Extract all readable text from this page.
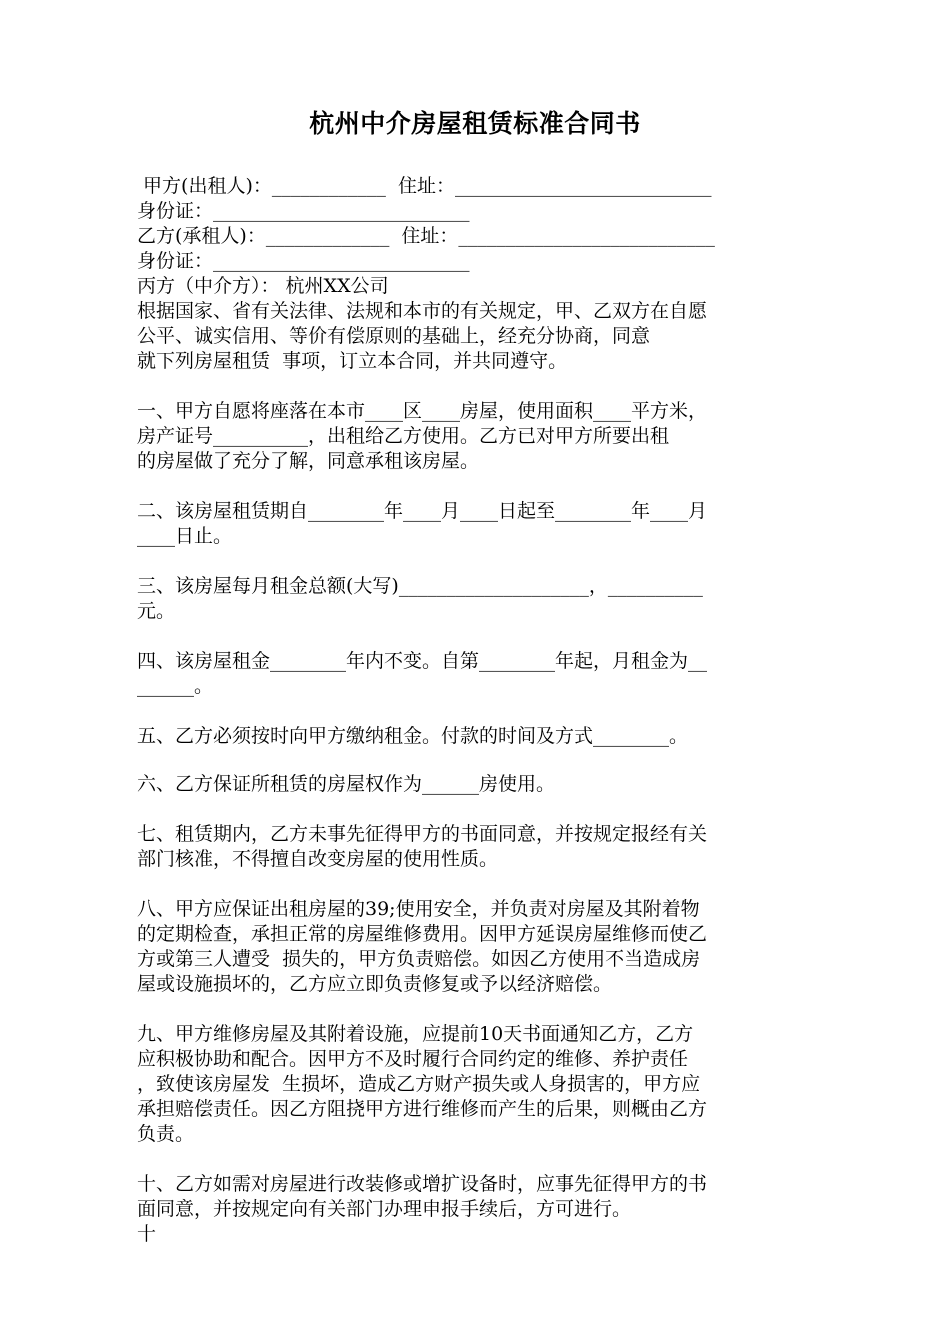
杭州中介房屋租赁标准合同书
甲方(出租人)：____________  住址：___________________________
身份证：___________________________
乙方(承租人)：_____________  住址：___________________________
身份证：___________________________
丙方（中介方）： 杭州XX公司
根据国家、省有关法律、法规和本市的有关规定，甲、乙双方在自愿
公平、诚实信用、等价有偿原则的基础上，经充分协商，同意
就下列房屋租赁  事项，订立本合同，并共同遵守。
一、甲方自愿将座落在本市____区____房屋，使用面积____平方米，
房产证号__________，出租给乙方使用。乙方已对甲方所要出租
的房屋做了充分了解，同意承租该房屋。
二、该房屋租赁期自________年____月____日起至________年____月
____日止。
三、该房屋每月租金总额(大写)____________________，__________
元。
四、该房屋租金________年内不变。自第________年起，月租金为__
______。
五、乙方必须按时向甲方缴纳租金。付款的时间及方式________。
六、乙方保证所租赁的房屋权作为______房使用。
七、租赁期内，乙方未事先征得甲方的书面同意，并按规定报经有关
部门核准，不得擅自改变房屋的使用性质。
八、甲方应保证出租房屋的39;使用安全，并负责对房屋及其附着物
的定期检查，承担正常的房屋维修费用。因甲方延误房屋维修而使乙
方或第三人遭受  损失的，甲方负责赔偿。如因乙方使用不当造成房
屋或设施损坏的，乙方应立即负责修复或予以经济赔偿。
九、甲方维修房屋及其附着设施，应提前10天书面通知乙方，乙方
应积极协助和配合。因甲方不及时履行合同约定的维修、养护责任
，致使该房屋发  生损坏，造成乙方财产损失或人身损害的，甲方应
承担赔偿责任。因乙方阻挠甲方进行维修而产生的后果，则概由乙方
负责。
十、乙方如需对房屋进行改装修或增扩设备时，应事先征得甲方的书
面同意，并按规定向有关部门办理申报手续后，方可进行。
十
